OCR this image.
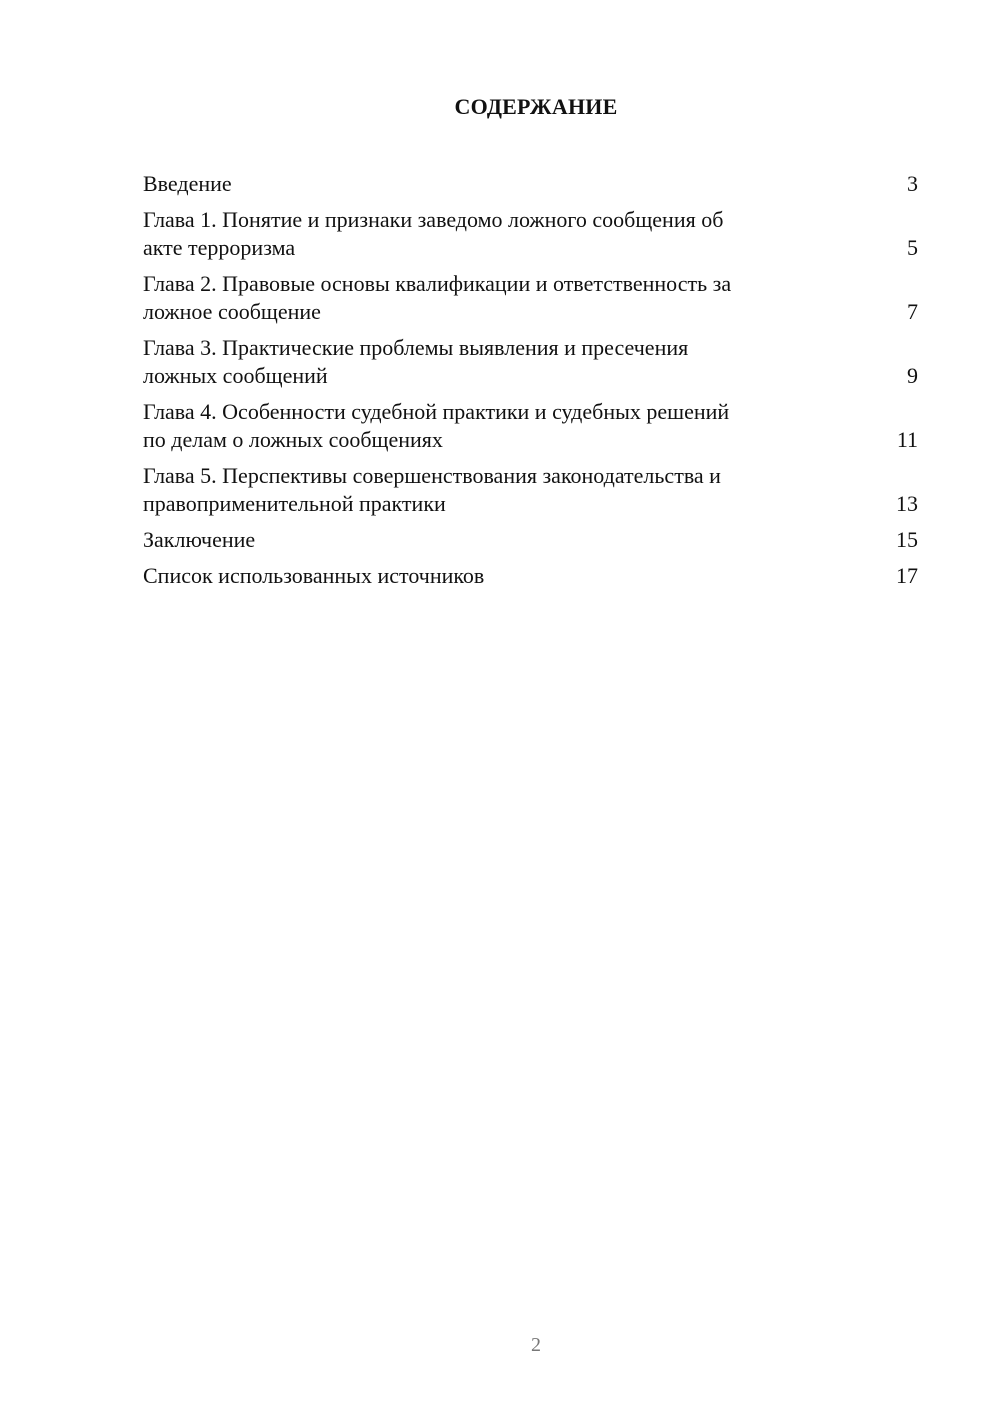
СОДЕРЖАНИЕ
Введение	3
Глава 1. Понятие и признаки заведомо ложного сообщения об
акте терроризма	5
Глава 2. Правовые основы квалификации и ответственность за
ложное сообщение	7
Глава 3. Практические проблемы выявления и пресечения
ложных сообщений	9
Глава 4. Особенности судебной практики и судебных решений
по делам о ложных сообщениях	11
Глава 5. Перспективы совершенствования законодательства и
правоприменительной практики	13
Заключение	15
Список использованных источников	17
2
